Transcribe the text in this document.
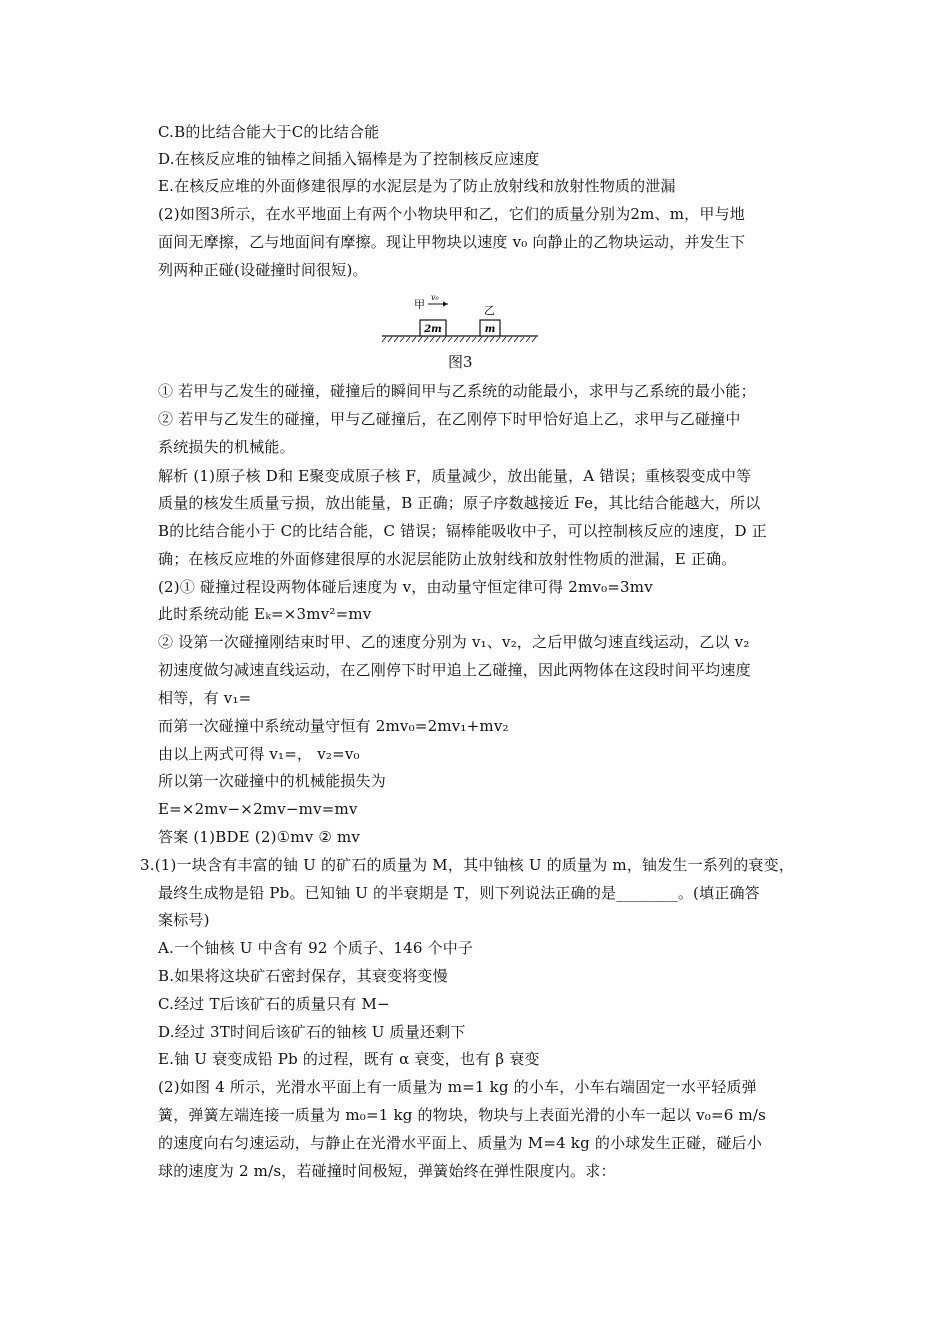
C.B的比结合能大于C的比结合能
D.在核反应堆的铀棒之间插入镉棒是为了控制核反应速度
E.在核反应堆的外面修建很厚的水泥层是为了防止放射线和放射性物质的泄漏
(2)如图3所示，在水平地面上有两个小物块甲和乙，它们的质量分别为2m、m，甲与地
面间无摩擦，乙与地面间有摩擦。现让甲物块以速度 v₀ 向静止的乙物块运动，并发生下
列两种正碰(设碰撞时间很短)。
2m	m
甲
v₀
乙
图3
① 若甲与乙发生的碰撞，碰撞后的瞬间甲与乙系统的动能最小，求甲与乙系统的最小能；
② 若甲与乙发生的碰撞，甲与乙碰撞后，在乙刚停下时甲恰好追上乙，求甲与乙碰撞中
系统损失的机械能。
解析 (1)原子核 D和 E聚变成原子核 F，质量减少，放出能量，A 错误；重核裂变成中等
质量的核发生质量亏损，放出能量，B 正确；原子序数越接近 Fe，其比结合能越大，所以
B的比结合能小于 C的比结合能，C 错误；镉棒能吸收中子，可以控制核反应的速度，D 正
确；在核反应堆的外面修建很厚的水泥层能防止放射线和放射性物质的泄漏，E 正确。
(2)① 碰撞过程设两物体碰后速度为 v，由动量守恒定律可得 2mv₀=3mv
此时系统动能 Eₖ=×3mv²=mv
② 设第一次碰撞刚结束时甲、乙的速度分别为 v₁、v₂，之后甲做匀速直线运动，乙以 v₂
初速度做匀减速直线运动，在乙刚停下时甲追上乙碰撞，因此两物体在这段时间平均速度
相等，有 v₁=
而第一次碰撞中系统动量守恒有 2mv₀=2mv₁+mv₂
由以上两式可得 v₁=， v₂=v₀
所以第一次碰撞中的机械能损失为
E=×2mv−×2mv−mv=mv
答案 (1)BDE (2)①mv ② mv
3.(1)一块含有丰富的铀 U 的矿石的质量为 M，其中铀核 U 的质量为 m，铀发生一系列的衰变，
最终生成物是铅 Pb。已知铀 U 的半衰期是 T，则下列说法正确的是________。(填正确答
案标号)
A.一个铀核 U 中含有 92 个质子、146 个中子
B.如果将这块矿石密封保存，其衰变将变慢
C.经过 T后该矿石的质量只有 M−
D.经过 3T时间后该矿石的铀核 U 质量还剩下
E.铀 U 衰变成铅 Pb 的过程，既有 α 衰变，也有 β 衰变
(2)如图 4 所示，光滑水平面上有一质量为 m=1 kg 的小车，小车右端固定一水平轻质弹
簧，弹簧左端连接一质量为 m₀=1 kg 的物块，物块与上表面光滑的小车一起以 v₀=6 m/s
的速度向右匀速运动，与静止在光滑水平面上、质量为 M=4 kg 的小球发生正碰，碰后小
球的速度为 2 m/s，若碰撞时间极短，弹簧始终在弹性限度内。求：
